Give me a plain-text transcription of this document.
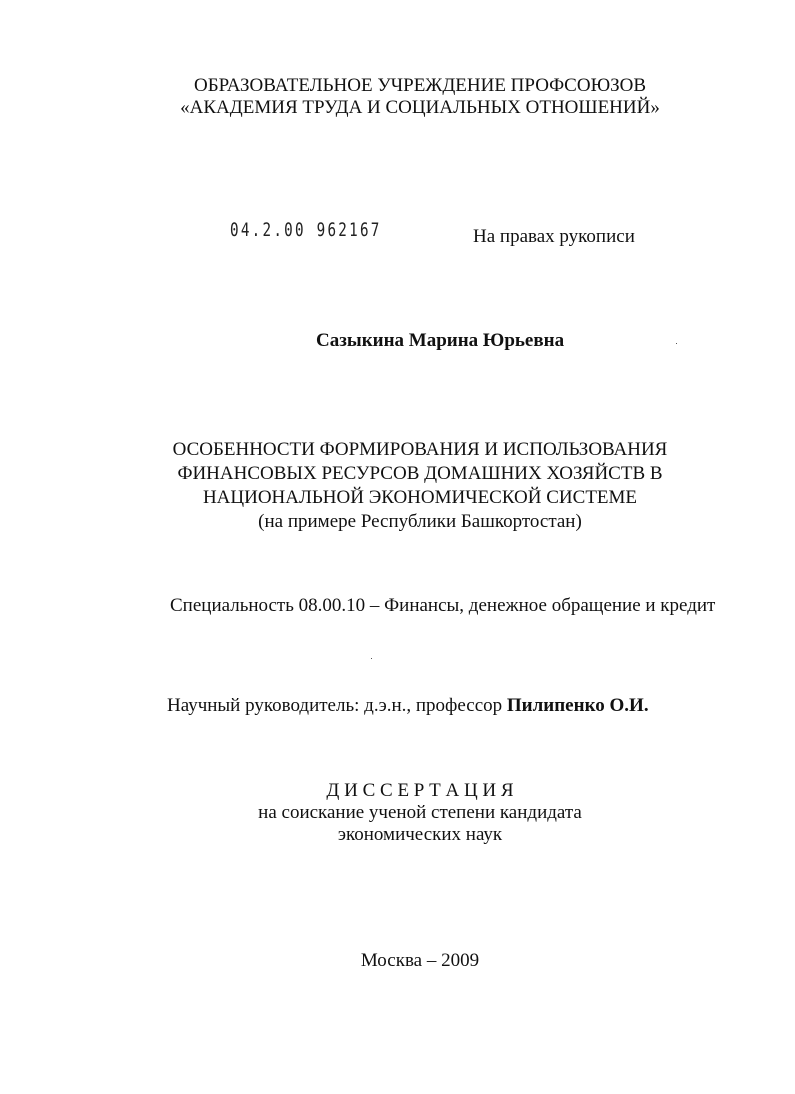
ОБРАЗОВАТЕЛЬНОЕ УЧРЕЖДЕНИЕ ПРОФСОЮЗОВ
«АКАДЕМИЯ ТРУДА И СОЦИАЛЬНЫХ ОТНОШЕНИЙ»
04.2.00 962167	На правах рукописи
Сазыкина Марина Юрьевна
ОСОБЕННОСТИ ФОРМИРОВАНИЯ И ИСПОЛЬЗОВАНИЯ
ФИНАНСОВЫХ РЕСУРСОВ ДОМАШНИХ ХОЗЯЙСТВ В
НАЦИОНАЛЬНОЙ ЭКОНОМИЧЕСКОЙ СИСТЕМЕ
(на примере Республики Башкортостан)
Специальность 08.00.10 – Финансы, денежное обращение и кредит
Научный руководитель: д.э.н., профессор Пилипенко О.И.
Д И С С Е Р Т А Ц И Я
на соискание ученой степени кандидата
экономических наук
Москва – 2009
